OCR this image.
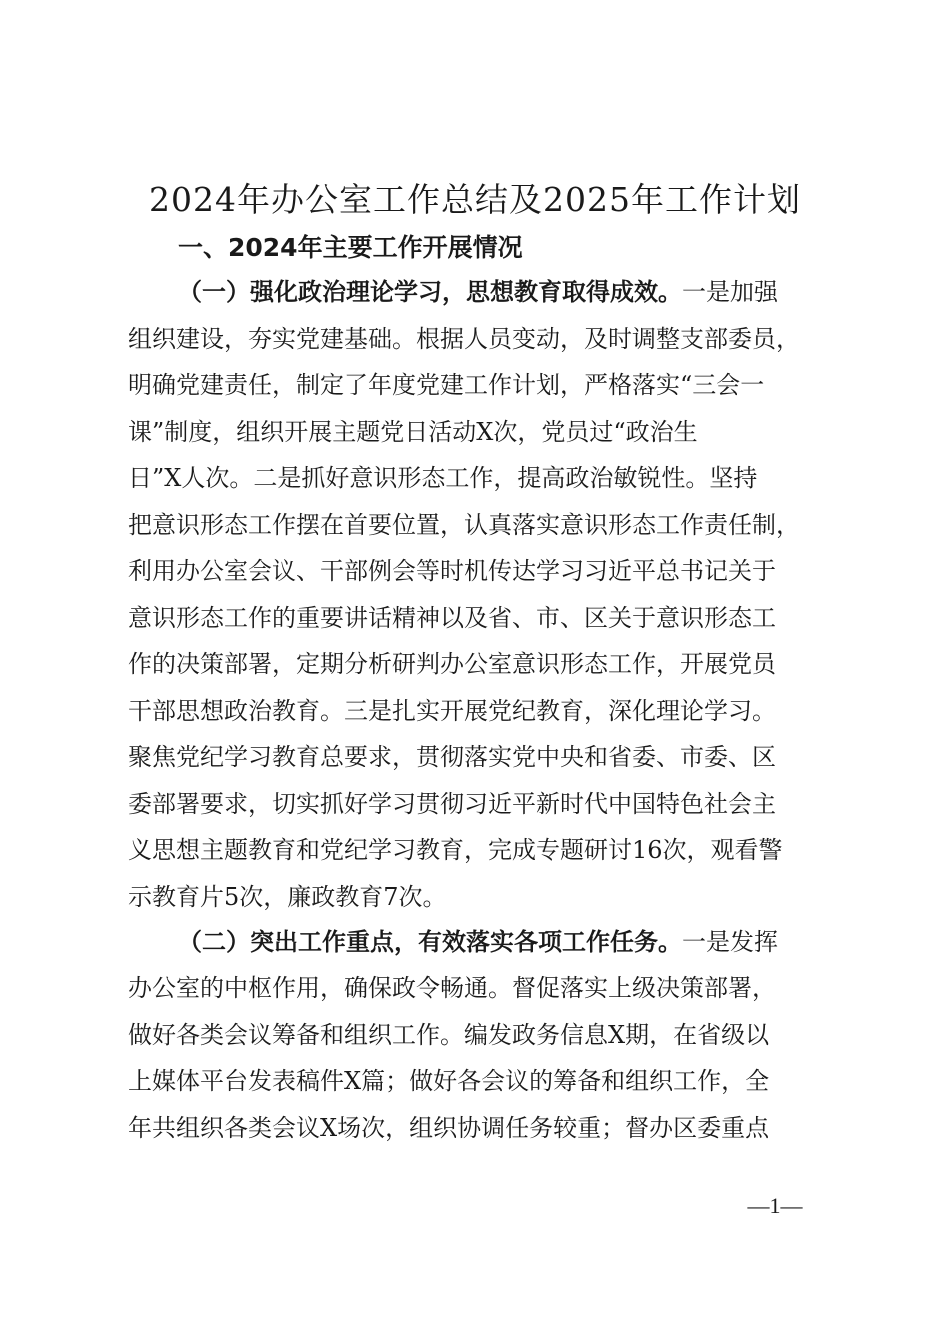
2024年办公室工作总结及2025年工作计划
一、2024年主要工作开展情况
（一）强化政治理论学习，思想教育取得成效。一是加强
组织建设，夯实党建基础。根据人员变动，及时调整支部委员，
明确党建责任，制定了年度党建工作计划，严格落实“三会一
课”制度，组织开展主题党日活动X次，党员过“政治生
日”X人次。二是抓好意识形态工作，提高政治敏锐性。坚持
把意识形态工作摆在首要位置，认真落实意识形态工作责任制，
利用办公室会议、干部例会等时机传达学习习近平总书记关于
意识形态工作的重要讲话精神以及省、市、区关于意识形态工
作的决策部署，定期分析研判办公室意识形态工作，开展党员
干部思想政治教育。三是扎实开展党纪教育，深化理论学习。
聚焦党纪学习教育总要求，贯彻落实党中央和省委、市委、区
委部署要求，切实抓好学习贯彻习近平新时代中国特色社会主
义思想主题教育和党纪学习教育，完成专题研讨16次，观看警
示教育片5次，廉政教育7次。
（二）突出工作重点，有效落实各项工作任务。一是发挥
办公室的中枢作用，确保政令畅通。督促落实上级决策部署，
做好各类会议筹备和组织工作。编发政务信息X期，在省级以
上媒体平台发表稿件X篇；做好各会议的筹备和组织工作，全
年共组织各类会议X场次，组织协调任务较重；督办区委重点
—1—
